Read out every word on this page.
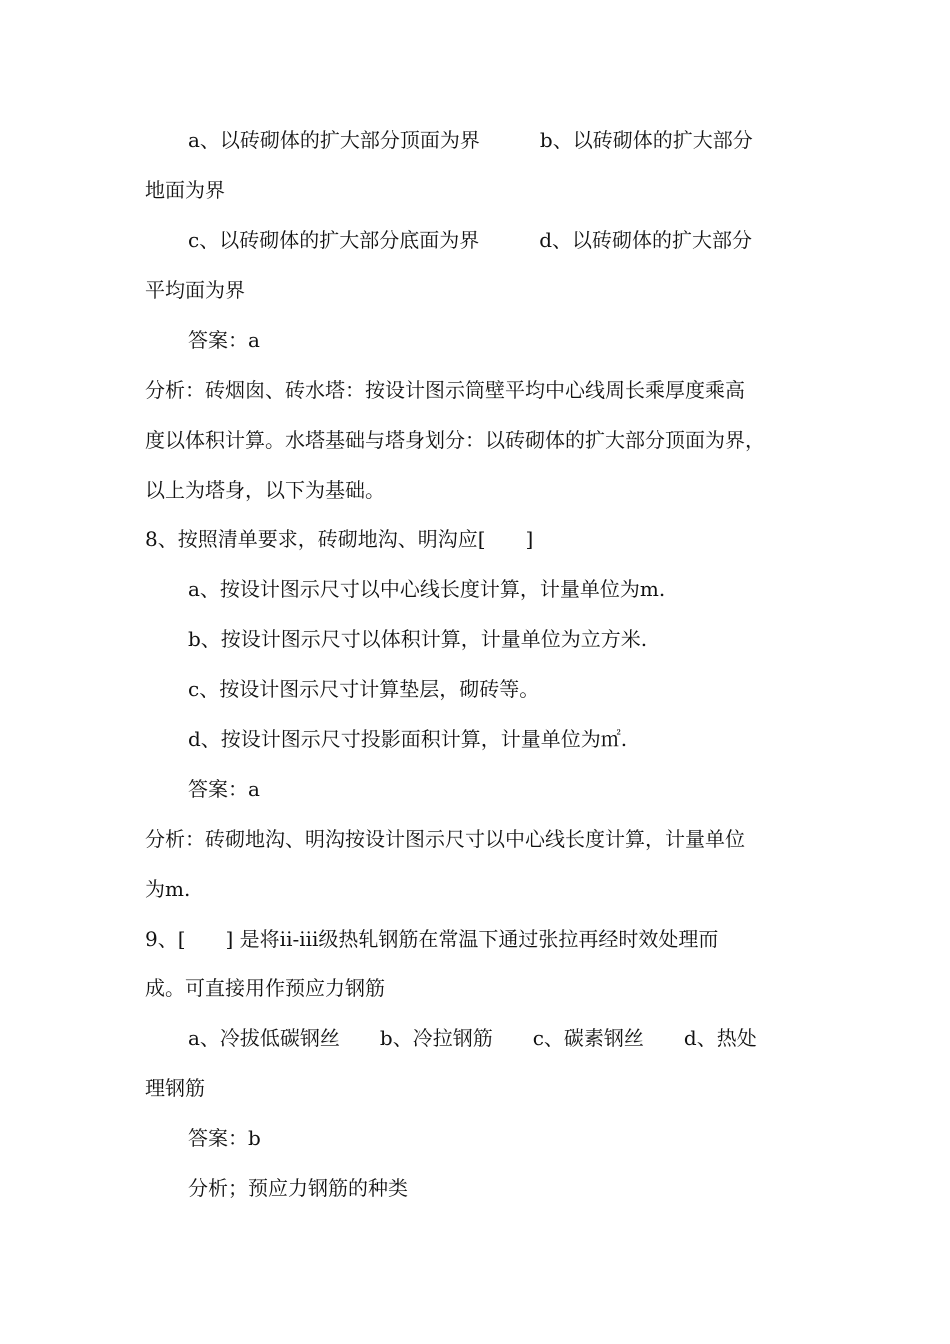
a、以砖砌体的扩大部分顶面为界　　　b、以砖砌体的扩大部分
地面为界
c、以砖砌体的扩大部分底面为界　　　d、以砖砌体的扩大部分
平均面为界
答案：a
分析：砖烟囱、砖水塔：按设计图示筒壁平均中心线周长乘厚度乘高
度以体积计算。水塔基础与塔身划分：以砖砌体的扩大部分顶面为界，
以上为塔身，以下为基础。
8、按照清单要求，砖砌地沟、明沟应[　　]
a、按设计图示尺寸以中心线长度计算，计量单位为m.
b、按设计图示尺寸以体积计算，计量单位为立方米.
c、按设计图示尺寸计算垫层，砌砖等。
d、按设计图示尺寸投影面积计算，计量单位为㎡.
答案：a
分析：砖砌地沟、明沟按设计图示尺寸以中心线长度计算，计量单位
为m.
9、[　　] 是将ii-iii级热轧钢筋在常温下通过张拉再经时效处理而
成。可直接用作预应力钢筋
a、冷拔低碳钢丝　　b、冷拉钢筋　　c、碳素钢丝　　d、热处
理钢筋
答案：b
分析；预应力钢筋的种类
